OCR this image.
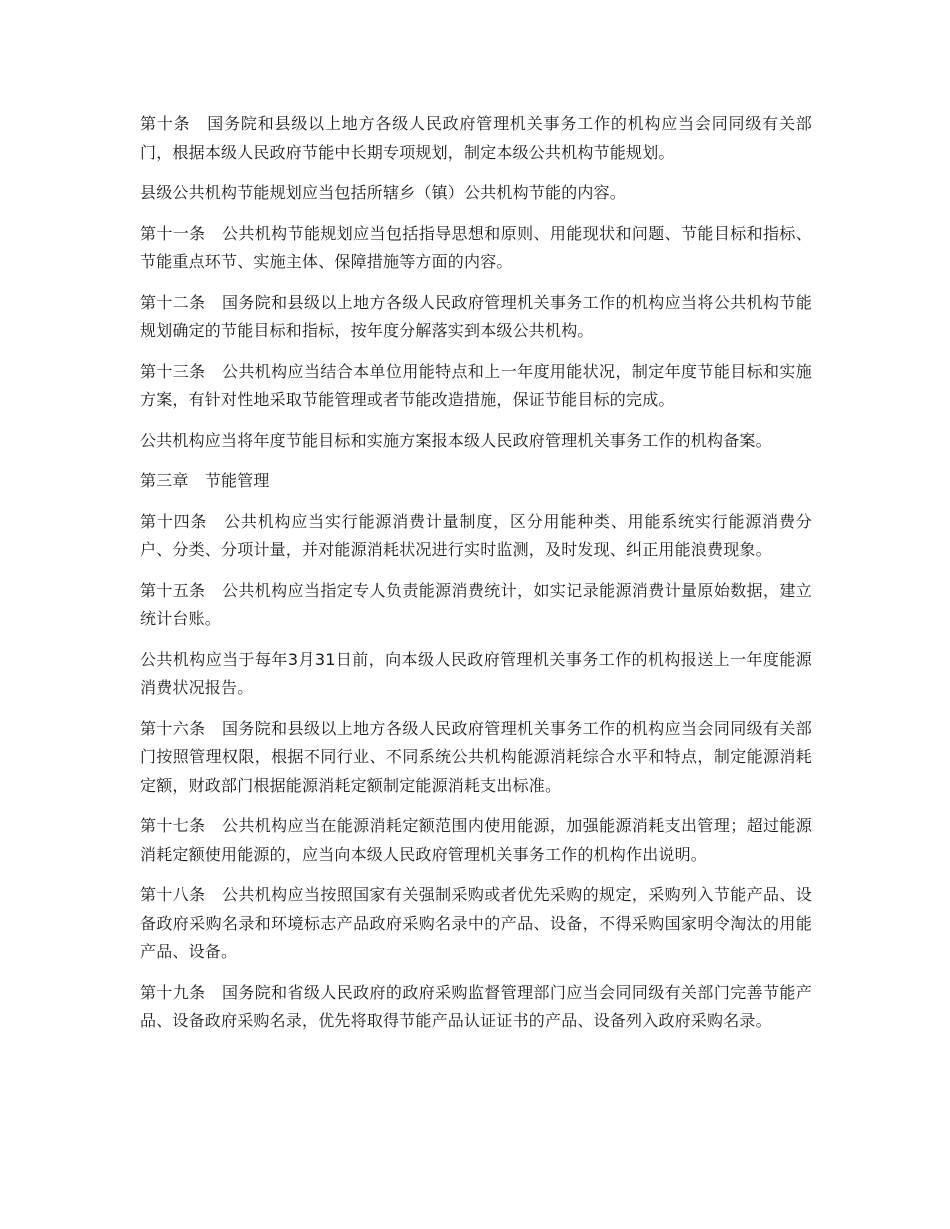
第十条　国务院和县级以上地方各级人民政府管理机关事务工作的机构应当会同同级有关部门，根据本级人民政府节能中长期专项规划，制定本级公共机构节能规划。

县级公共机构节能规划应当包括所辖乡（镇）公共机构节能的内容。

第十一条　公共机构节能规划应当包括指导思想和原则、用能现状和问题、节能目标和指标、节能重点环节、实施主体、保障措施等方面的内容。

第十二条　国务院和县级以上地方各级人民政府管理机关事务工作的机构应当将公共机构节能规划确定的节能目标和指标，按年度分解落实到本级公共机构。

第十三条　公共机构应当结合本单位用能特点和上一年度用能状况，制定年度节能目标和实施方案，有针对性地采取节能管理或者节能改造措施，保证节能目标的完成。

公共机构应当将年度节能目标和实施方案报本级人民政府管理机关事务工作的机构备案。

第三章　节能管理

第十四条　公共机构应当实行能源消费计量制度，区分用能种类、用能系统实行能源消费分户、分类、分项计量，并对能源消耗状况进行实时监测，及时发现、纠正用能浪费现象。

第十五条　公共机构应当指定专人负责能源消费统计，如实记录能源消费计量原始数据，建立统计台账。

公共机构应当于每年3月31日前，向本级人民政府管理机关事务工作的机构报送上一年度能源消费状况报告。

第十六条　国务院和县级以上地方各级人民政府管理机关事务工作的机构应当会同同级有关部门按照管理权限，根据不同行业、不同系统公共机构能源消耗综合水平和特点，制定能源消耗定额，财政部门根据能源消耗定额制定能源消耗支出标准。

第十七条　公共机构应当在能源消耗定额范围内使用能源，加强能源消耗支出管理；超过能源消耗定额使用能源的，应当向本级人民政府管理机关事务工作的机构作出说明。

第十八条　公共机构应当按照国家有关强制采购或者优先采购的规定，采购列入节能产品、设备政府采购名录和环境标志产品政府采购名录中的产品、设备，不得采购国家明令淘汰的用能产品、设备。

第十九条　国务院和省级人民政府的政府采购监督管理部门应当会同同级有关部门完善节能产品、设备政府采购名录，优先将取得节能产品认证证书的产品、设备列入政府采购名录。
